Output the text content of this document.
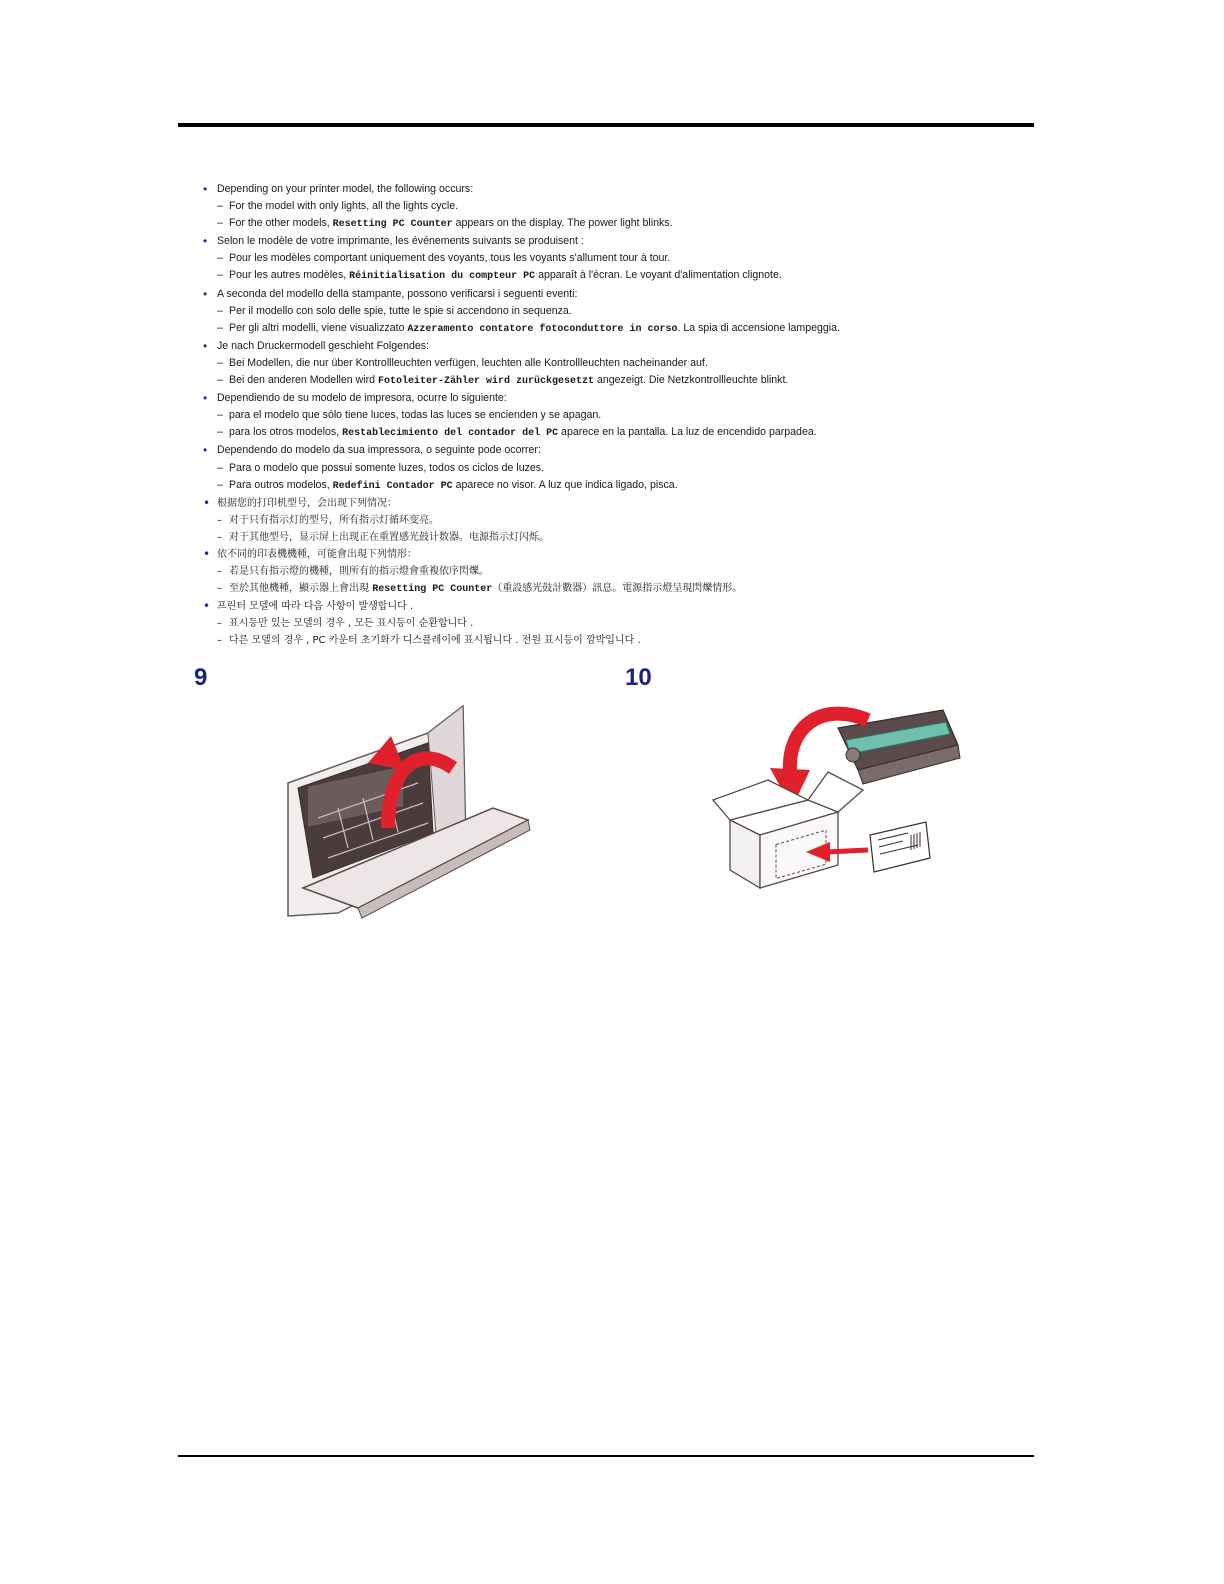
• Depending on your printer model, the following occurs:
– For the model with only lights, all the lights cycle.
– For the other models, Resetting PC Counter appears on the display. The power light blinks.
• Selon le modèle de votre imprimante, les événements suivants se produisent :
– Pour les modèles comportant uniquement des voyants, tous les voyants s'allument tour à tour.
– Pour les autres modèles, Réinitialisation du compteur PC apparaît à l'écran. Le voyant d'alimentation clignote.
• A seconda del modello della stampante, possono verificarsi i seguenti eventi:
– Per il modello con solo delle spie, tutte le spie si accendono in sequenza.
– Per gli altri modelli, viene visualizzato Azzeramento contatore fotoconduttore in corso. La spia di accensione lampeggia.
• Je nach Druckermodell geschieht Folgendes:
– Bei Modellen, die nur über Kontrollleuchten verfügen, leuchten alle Kontrollleuchten nacheinander auf.
– Bei den anderen Modellen wird Fotoleiter-Zähler wird zurückgesetzt angezeigt. Die Netzkontrollleuchte blinkt.
• Dependiendo de su modelo de impresora, ocurre lo siguiente:
– para el modelo que sólo tiene luces, todas las luces se encienden y se apagan.
– para los otros modelos, Restablecimiento del contador del PC aparece en la pantalla. La luz de encendido parpadea.
• Dependendo do modelo da sua impressora, o seguinte pode ocorrer:
– Para o modelo que possui somente luzes, todos os ciclos de luzes.
– Para outros modelos, Redefini Contador PC aparece no visor. A luz que indica ligado, pisca.
• 根据您的打印机型号，会出现下列情况：
– 对于只有指示灯的型号，所有指示灯循环变亮。
– 对于其他型号，显示屏上出现正在重置感光鼓计数器。电源指示灯闪烁。
• 依不同的印表機機種，可能會出現下列情形：
– 若是只有指示燈的機種，則所有的指示燈會重複依序閃爍。
– 至於其他機種，顯示器上會出現 Resetting PC Counter（重設感光鼓計數器）訊息。電源指示燈呈現閃爍情形。
• 프린터 모델에 따라 다음 사항이 발생합니다 .
– 표시등만 있는 모델의 경우 , 모든 표시등이 순환합니다 .
– 다른 모델의 경우 , PC 카운터 초기화가 디스플레이에 표시됩니다 . 전원 표시등이 깜박입니다 .
9	10
